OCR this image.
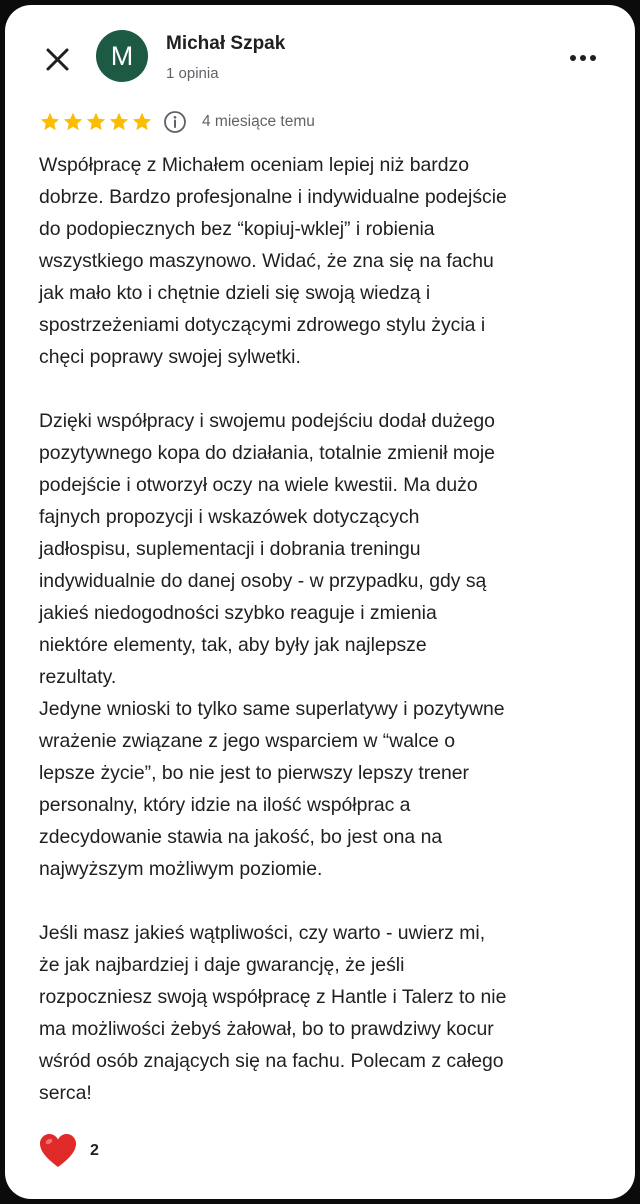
M	Michał Szpak
1 opinia
4 miesiące temu

Współpracę z Michałem oceniam lepiej niż bardzo
dobrze. Bardzo profesjonalne i indywidualne podejście
do podopiecznych bez “kopiuj-wklej” i robienia
wszystkiego maszynowo. Widać, że zna się na fachu
jak mało kto i chętnie dzieli się swoją wiedzą i
spostrzeżeniami dotyczącymi zdrowego stylu życia i
chęci poprawy swojej sylwetki.

Dzięki współpracy i swojemu podejściu dodał dużego
pozytywnego kopa do działania, totalnie zmienił moje
podejście i otworzył oczy na wiele kwestii. Ma dużo
fajnych propozycji i wskazówek dotyczących
jadłospisu, suplementacji i dobrania treningu
indywidualnie do danej osoby - w przypadku, gdy są
jakieś niedogodności szybko reaguje i zmienia
niektóre elementy, tak, aby były jak najlepsze
rezultaty.

Jedyne wnioski to tylko same superlatywy i pozytywne
wrażenie związane z jego wsparciem w “walce o
lepsze życie”, bo nie jest to pierwszy lepszy trener
personalny, który idzie na ilość współprac a
zdecydowanie stawia na jakość, bo jest ona na
najwyższym możliwym poziomie.

Jeśli masz jakieś wątpliwości, czy warto - uwierz mi,
że jak najbardziej i daje gwarancję, że jeśli
rozpoczniesz swoją współpracę z Hantle i Talerz to nie
ma możliwości żebyś żałował, bo to prawdziwy kocur
wśród osób znających się na fachu. Polecam z całego
serca!

2
